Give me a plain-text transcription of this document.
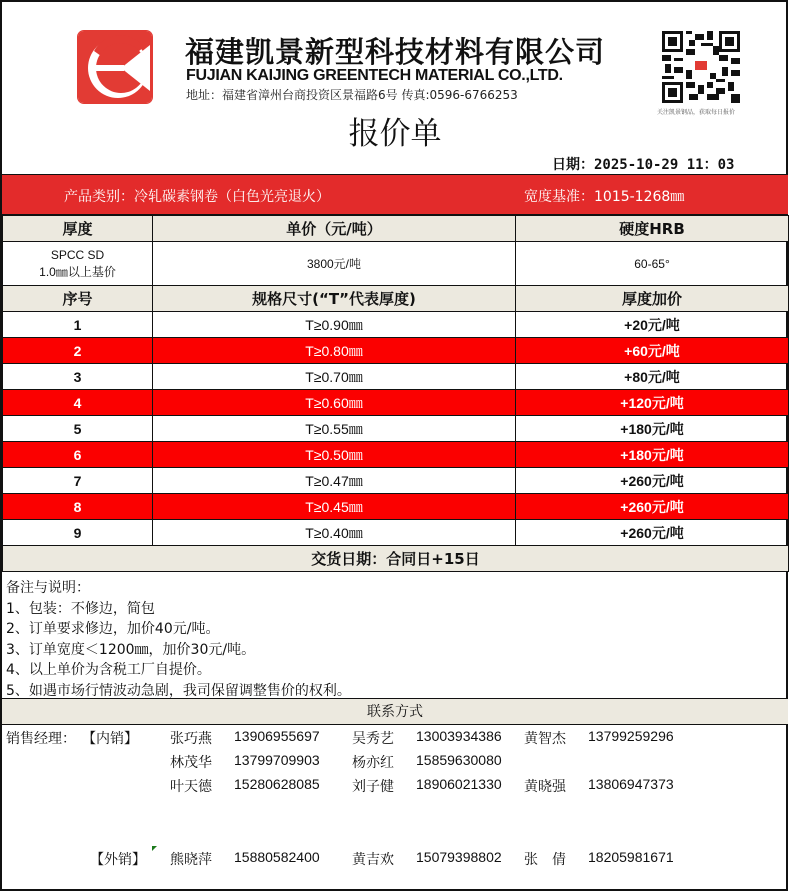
福建凯景新型科技材料有限公司
FUJIAN KAIJING GREENTECH MATERIAL CO.,LTD.
地址：福建省漳州台商投资区景福路6号 传真:0596-6766253
关注凯景钢品，获取每日报价
报价单
日期：2025-10-29 11：03
产品类别：冷轧碳素钢卷（白色光亮退火）	宽度基准：1015-1268㎜
厚度	单价（元/吨）	硬度HRB

SPCC SD
1.0㎜以上基价	3800元/吨	60-65°
序号	规格尺寸(“T”代表厚度)	厚度加价
1	T≥0.90㎜	+20元/吨
2	T≥0.80㎜	+60元/吨
3	T≥0.70㎜	+80元/吨
4	T≥0.60㎜	+120元/吨
5	T≥0.55㎜	+180元/吨
6	T≥0.50㎜	+180元/吨
7	T≥0.47㎜	+260元/吨
8	T≥0.45㎜	+260元/吨
9	T≥0.40㎜	+260元/吨
交货日期：合同日+15日		
备注与说明：
1、包装：不修边，简包
2、订单要求修边，加价40元/吨。
3、订单宽度＜1200㎜，加价30元/吨。
4、以上单价为含税工厂自提价。
5、如遇市场行情波动急剧，我司保留调整售价的权利。
联系方式
销售经理： 【内销】 张巧燕 13906955697 吴秀艺 13003934386 黄智杰 13799259296
林茂华 13799709903 杨亦红 15859630080
叶天德 15280628085 刘子健 18906021330 黄晓强 13806947373
【外销】 熊晓萍 15880582400 黄吉欢 15079398802 张　倩 18205981671
